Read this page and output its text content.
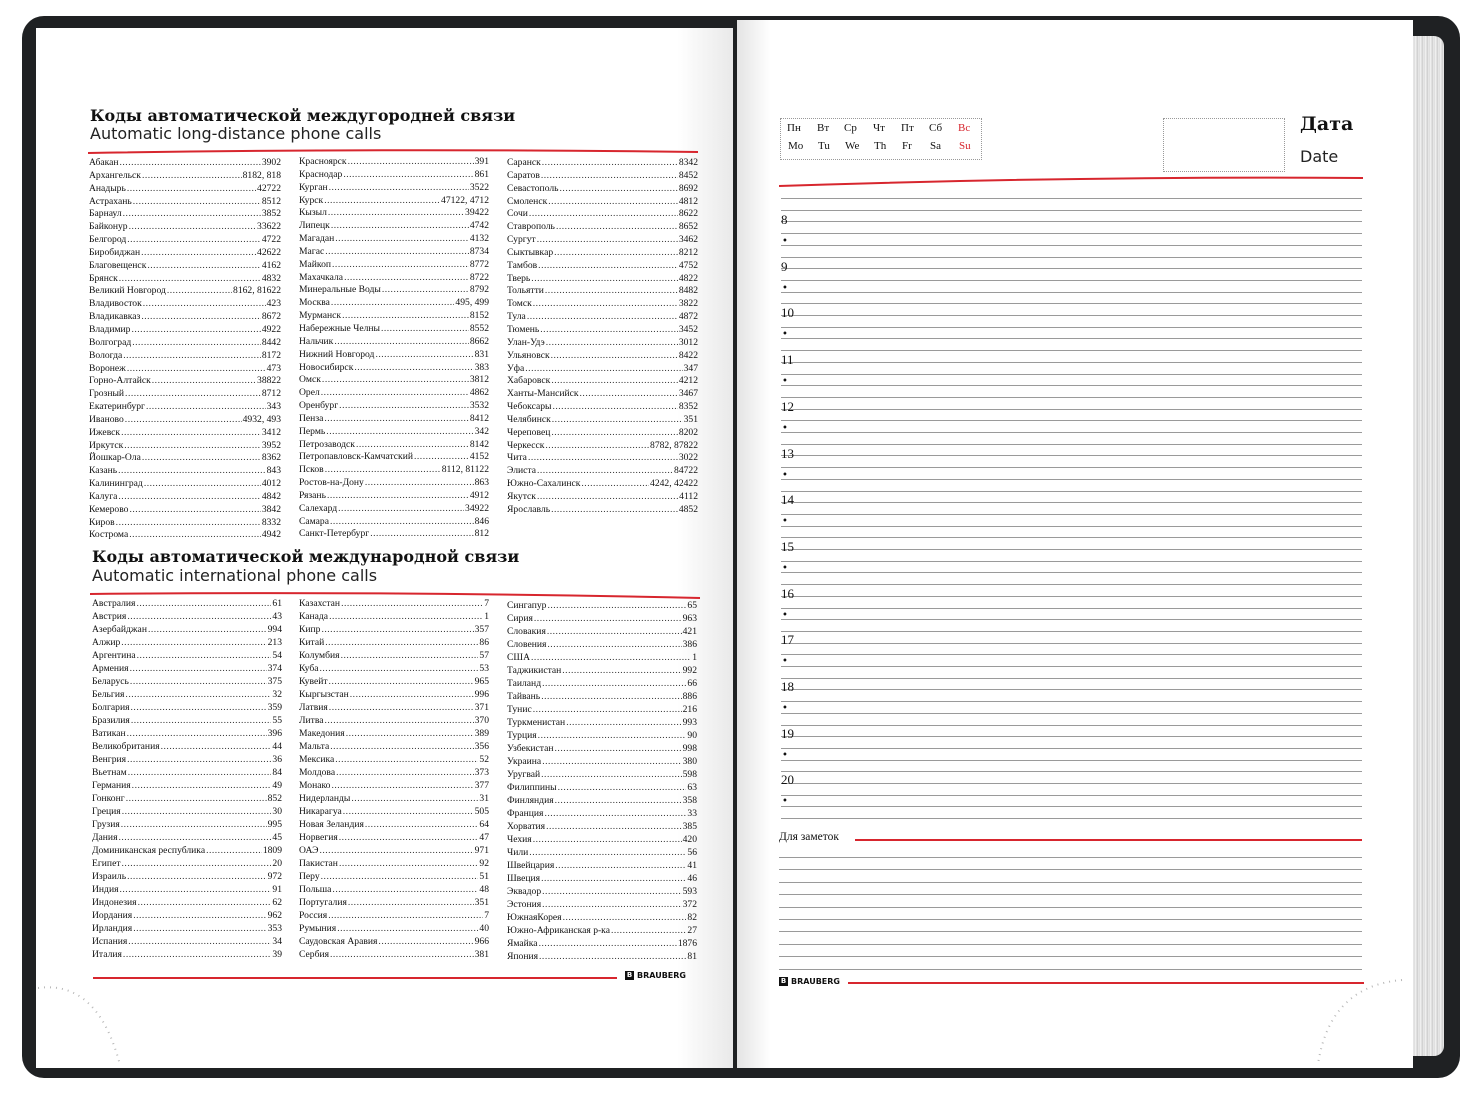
Коды автоматической междугородней связи
Automatic long-distance phone calls
Абакан .....	3902
Архангельск .....	8182, 818
Анадырь .....	42722
Астрахань .....	8512
Барнаул .....	3852
Байконур .....	33622
Белгород .....	4722
Биробиджан .....	42622
Благовещенск .....	4162
Брянск .....	4832
Великий Новгород .....	8162, 81622
Владивосток .....	423
Владикавказ .....	8672
Владимир .....	4922
Волгоград .....	8442
Вологда .....	8172
Воронеж .....	473
Горно-Алтайск .....	38822
Грозный .....	8712
Екатеринбург .....	343
Иваново .....	4932, 493
Ижевск .....	3412
Иркутск .....	3952
Йошкар-Ола .....	8362
Казань .....	843
Калининград .....	4012
Калуга .....	4842
Кемерово .....	3842
Киров .....	8332
Кострома .....	4942
Красноярск .....	391
Краснодар .....	861
Курган .....	3522
Курск .....	47122, 4712
Кызыл .....	39422
Липецк .....	4742
Магадан .....	4132
Магас .....	8734
Майкоп .....	8772
Махачкала .....	8722
Минеральные Воды .....	8792
Москва .....	495, 499
Мурманск .....	8152
Набережные Челны .....	8552
Нальчик .....	8662
Нижний Новгород .....	831
Новосибирск .....	383
Омск .....	3812
Орел .....	4862
Оренбург .....	3532
Пенза .....	8412
Пермь .....	342
Петрозаводск .....	8142
Петропавловск-Камчатский .....	4152
Псков .....	8112, 81122
Ростов-на-Дону .....	863
Рязань .....	4912
Салехард .....	34922
Самара .....	846
Санкт-Петербург .....	812
Саранск .....	8342
Саратов .....	8452
Севастополь .....	8692
Смоленск .....	4812
Сочи .....	8622
Ставрополь .....	8652
Сургут .....	3462
Сыктывкар .....	8212
Тамбов .....	4752
Тверь .....	4822
Тольятти .....	8482
Томск .....	3822
Тула .....	4872
Тюмень .....	3452
Улан-Удэ .....	3012
Ульяновск .....	8422
Уфа .....	347
Хабаровск .....	4212
Ханты-Мансийск .....	3467
Чебоксары .....	8352
Челябинск .....	351
Череповец .....	8202
Черкесск .....	8782, 87822
Чита .....	3022
Элиста .....	84722
Южно-Сахалинск .....	4242, 42422
Якутск .....	4112
Ярославль .....	4852
Коды автоматической международной связи
Automatic international phone calls
Австралия .....	61
Австрия .....	43
Азербайджан .....	994
Алжир .....	213
Аргентина .....	54
Армения .....	374
Беларусь .....	375
Бельгия .....	32
Болгария .....	359
Бразилия .....	55
Ватикан .....	396
Великобритания .....	44
Венгрия .....	36
Вьетнам .....	84
Германия .....	49
Гонконг .....	852
Греция .....	30
Грузия .....	995
Дания .....	45
Доминиканская республика .....	1809
Египет .....	20
Израиль .....	972
Индия .....	91
Индонезия .....	62
Иордания .....	962
Ирландия .....	353
Испания .....	34
Италия .....	39
Казахстан .....	7
Канада .....	1
Кипр .....	357
Китай .....	86
Колумбия .....	57
Куба .....	53
Кувейт .....	965
Кыргызстан .....	996
Латвия .....	371
Литва .....	370
Македония .....	389
Мальта .....	356
Мексика .....	52
Молдова .....	373
Монако .....	377
Нидерланды .....	31
Никарагуа .....	505
Новая Зеландия .....	64
Норвегия .....	47
ОАЭ .....	971
Пакистан .....	92
Перу .....	51
Польша .....	48
Португалия .....	351
Россия .....	7
Румыния .....	40
Саудовская Аравия .....	966
Сербия .....	381
Сингапур .....	65
Сирия .....	963
Словакия .....	421
Словения .....	386
США .....	1
Таджикистан .....	992
Таиланд .....	66
Тайвань .....	886
Тунис .....	216
Туркменистан .....	993
Турция .....	90
Узбекистан .....	998
Украина .....	380
Уругвай .....	598
Филиппины .....	63
Финляндия .....	358
Франция .....	33
Хорватия .....	385
Чехия .....	420
Чили .....	56
Швейцария .....	41
Швеция .....	46
Эквадор .....	593
Эстония .....	372
ЮжнаяКорея .....	82
Южно-Африканская р-ка .....	27
Ямайка .....	1876
Япония .....	81
B BRAUBERG
Пн Вт Ср Чт Пт Сб Вс
Mo Tu We Th Fr Sa Su
Дата
Date
8
•
9
•
10
•
11
•
12
•
13
•
14
•
15
•
16
•
17
•
18
•
19
•
20
•
Для заметок
B BRAUBERG
